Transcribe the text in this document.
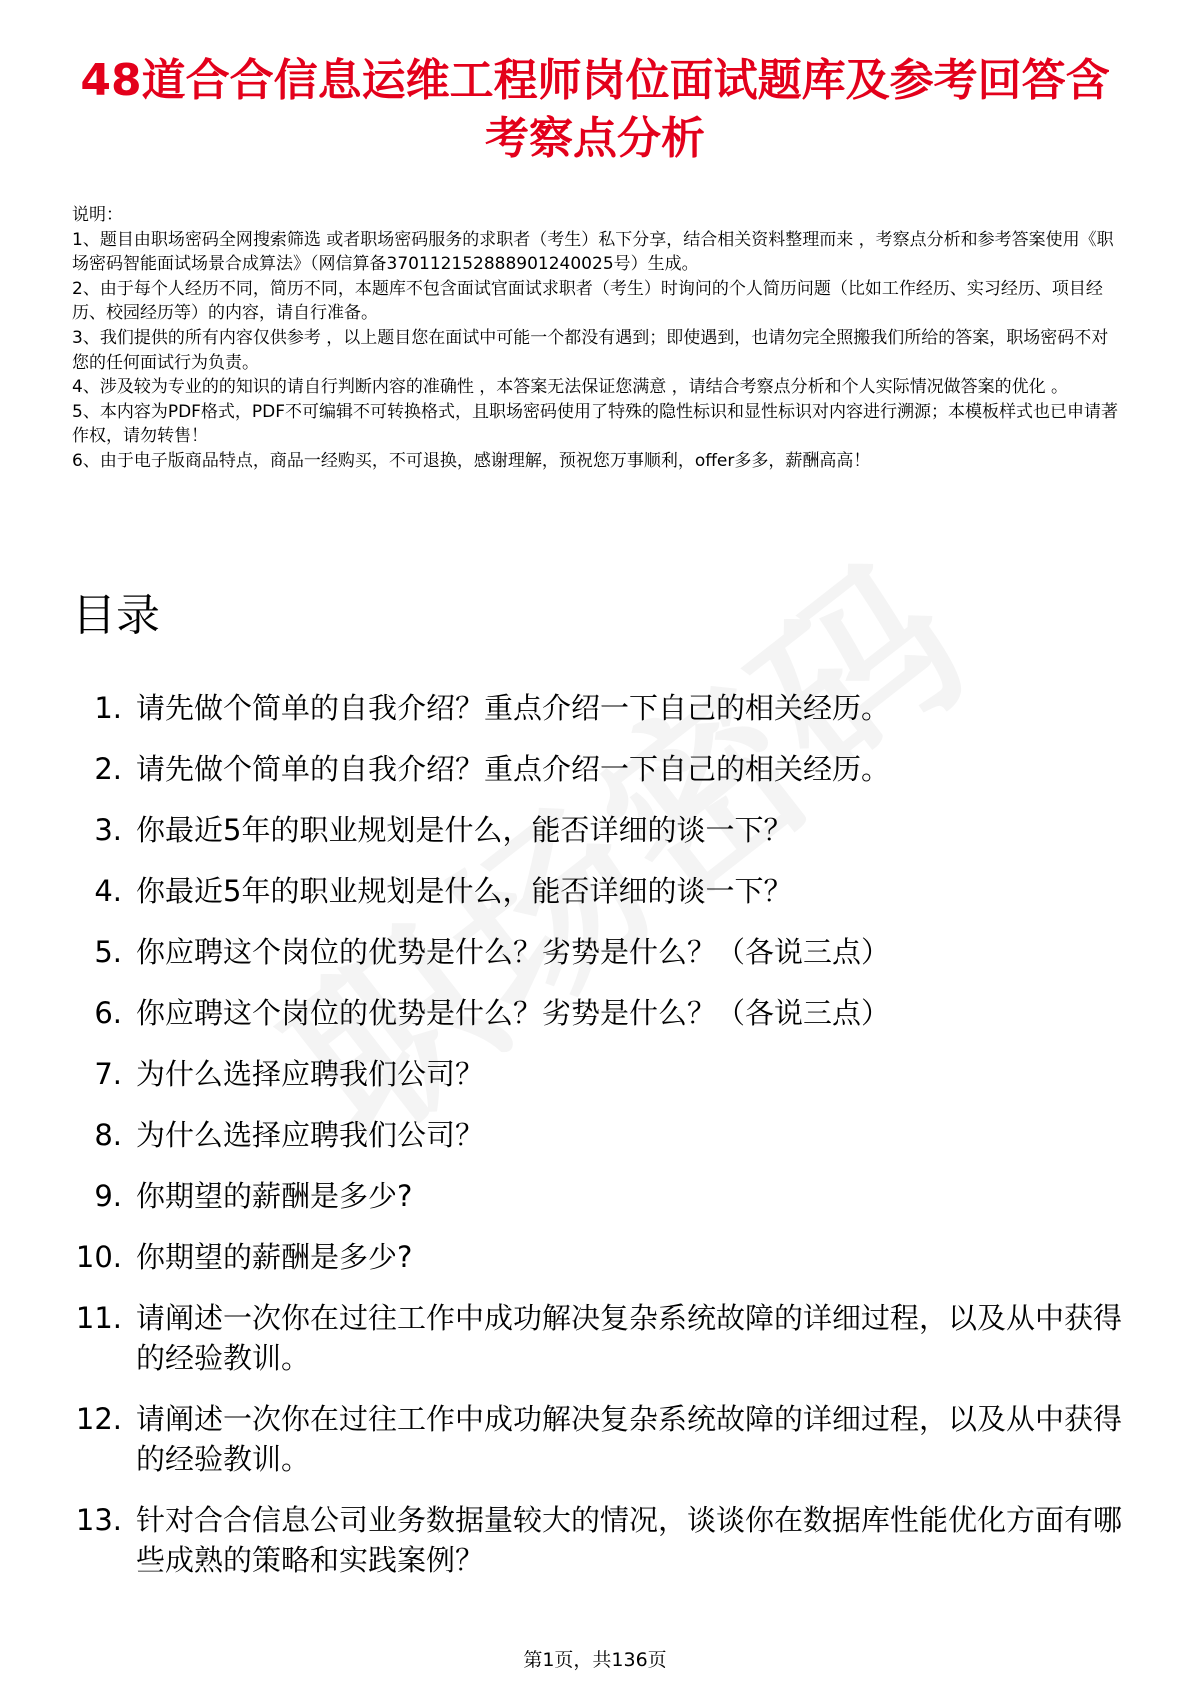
48道合合信息运维工程师岗位面试题库及参考回答含考察点分析

说明：

1、题目由职场密码全网搜索筛选 或者职场密码服务的求职者（考生）私下分享，结合相关资料整理而来 ，考察点分析和参考答案使用《职场密码智能面试场景合成算法》（网信算备370112152888901240025号）生成。

2、由于每个人经历不同，简历不同，本题库不包含面试官面试求职者（考生）时询问的个人简历问题（比如工作经历、实习经历、项目经历、校园经历等）的内容，请自行准备。

3、我们提供的所有内容仅供参考 ，以上题目您在面试中可能一个都没有遇到；即使遇到，也请勿完全照搬我们所给的答案，职场密码不对您的任何面试行为负责。

4、涉及较为专业的的知识的请自行判断内容的准确性 ，本答案无法保证您满意 ，请结合考察点分析和个人实际情况做答案的优化 。

5、本内容为PDF格式，PDF不可编辑不可转换格式，且职场密码使用了特殊的隐性标识和显性标识对内容进行溯源；本模板样式也已申请著作权，请勿转售！

6、由于电子版商品特点，商品一经购买，不可退换，感谢理解，预祝您万事顺利，offer多多，薪酬高高！

目录
1. 请先做个简单的自我介绍？重点介绍一下自己的相关经历。
2. 请先做个简单的自我介绍？重点介绍一下自己的相关经历。
3. 你最近5年的职业规划是什么，能否详细的谈一下？
4. 你最近5年的职业规划是什么，能否详细的谈一下？
5. 你应聘这个岗位的优势是什么？劣势是什么？（各说三点）
6. 你应聘这个岗位的优势是什么？劣势是什么？（各说三点）
7. 为什么选择应聘我们公司？
8. 为什么选择应聘我们公司？
9. 你期望的薪酬是多少?
10. 你期望的薪酬是多少?
11. 请阐述一次你在过往工作中成功解决复杂系统故障的详细过程，以及从中获得的经验教训。
12. 请阐述一次你在过往工作中成功解决复杂系统故障的详细过程，以及从中获得的经验教训。
13. 针对合合信息公司业务数据量较大的情况，谈谈你在数据库性能优化方面有哪些成熟的策略和实践案例？
第1页，共136页
